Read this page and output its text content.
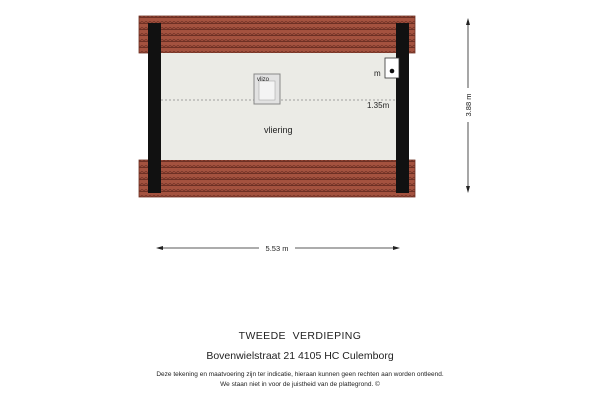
1.35m
vlizo
m
vliering
5.53 m
3.88 m
TWEEDE  VERDIEPING
Bovenwielstraat 21 4105 HC Culemborg
Deze tekening en maatvoering zijn ter indicatie, hieraan kunnen geen rechten aan worden ontleend.
We staan niet in voor de juistheid van de plattegrond. ©
